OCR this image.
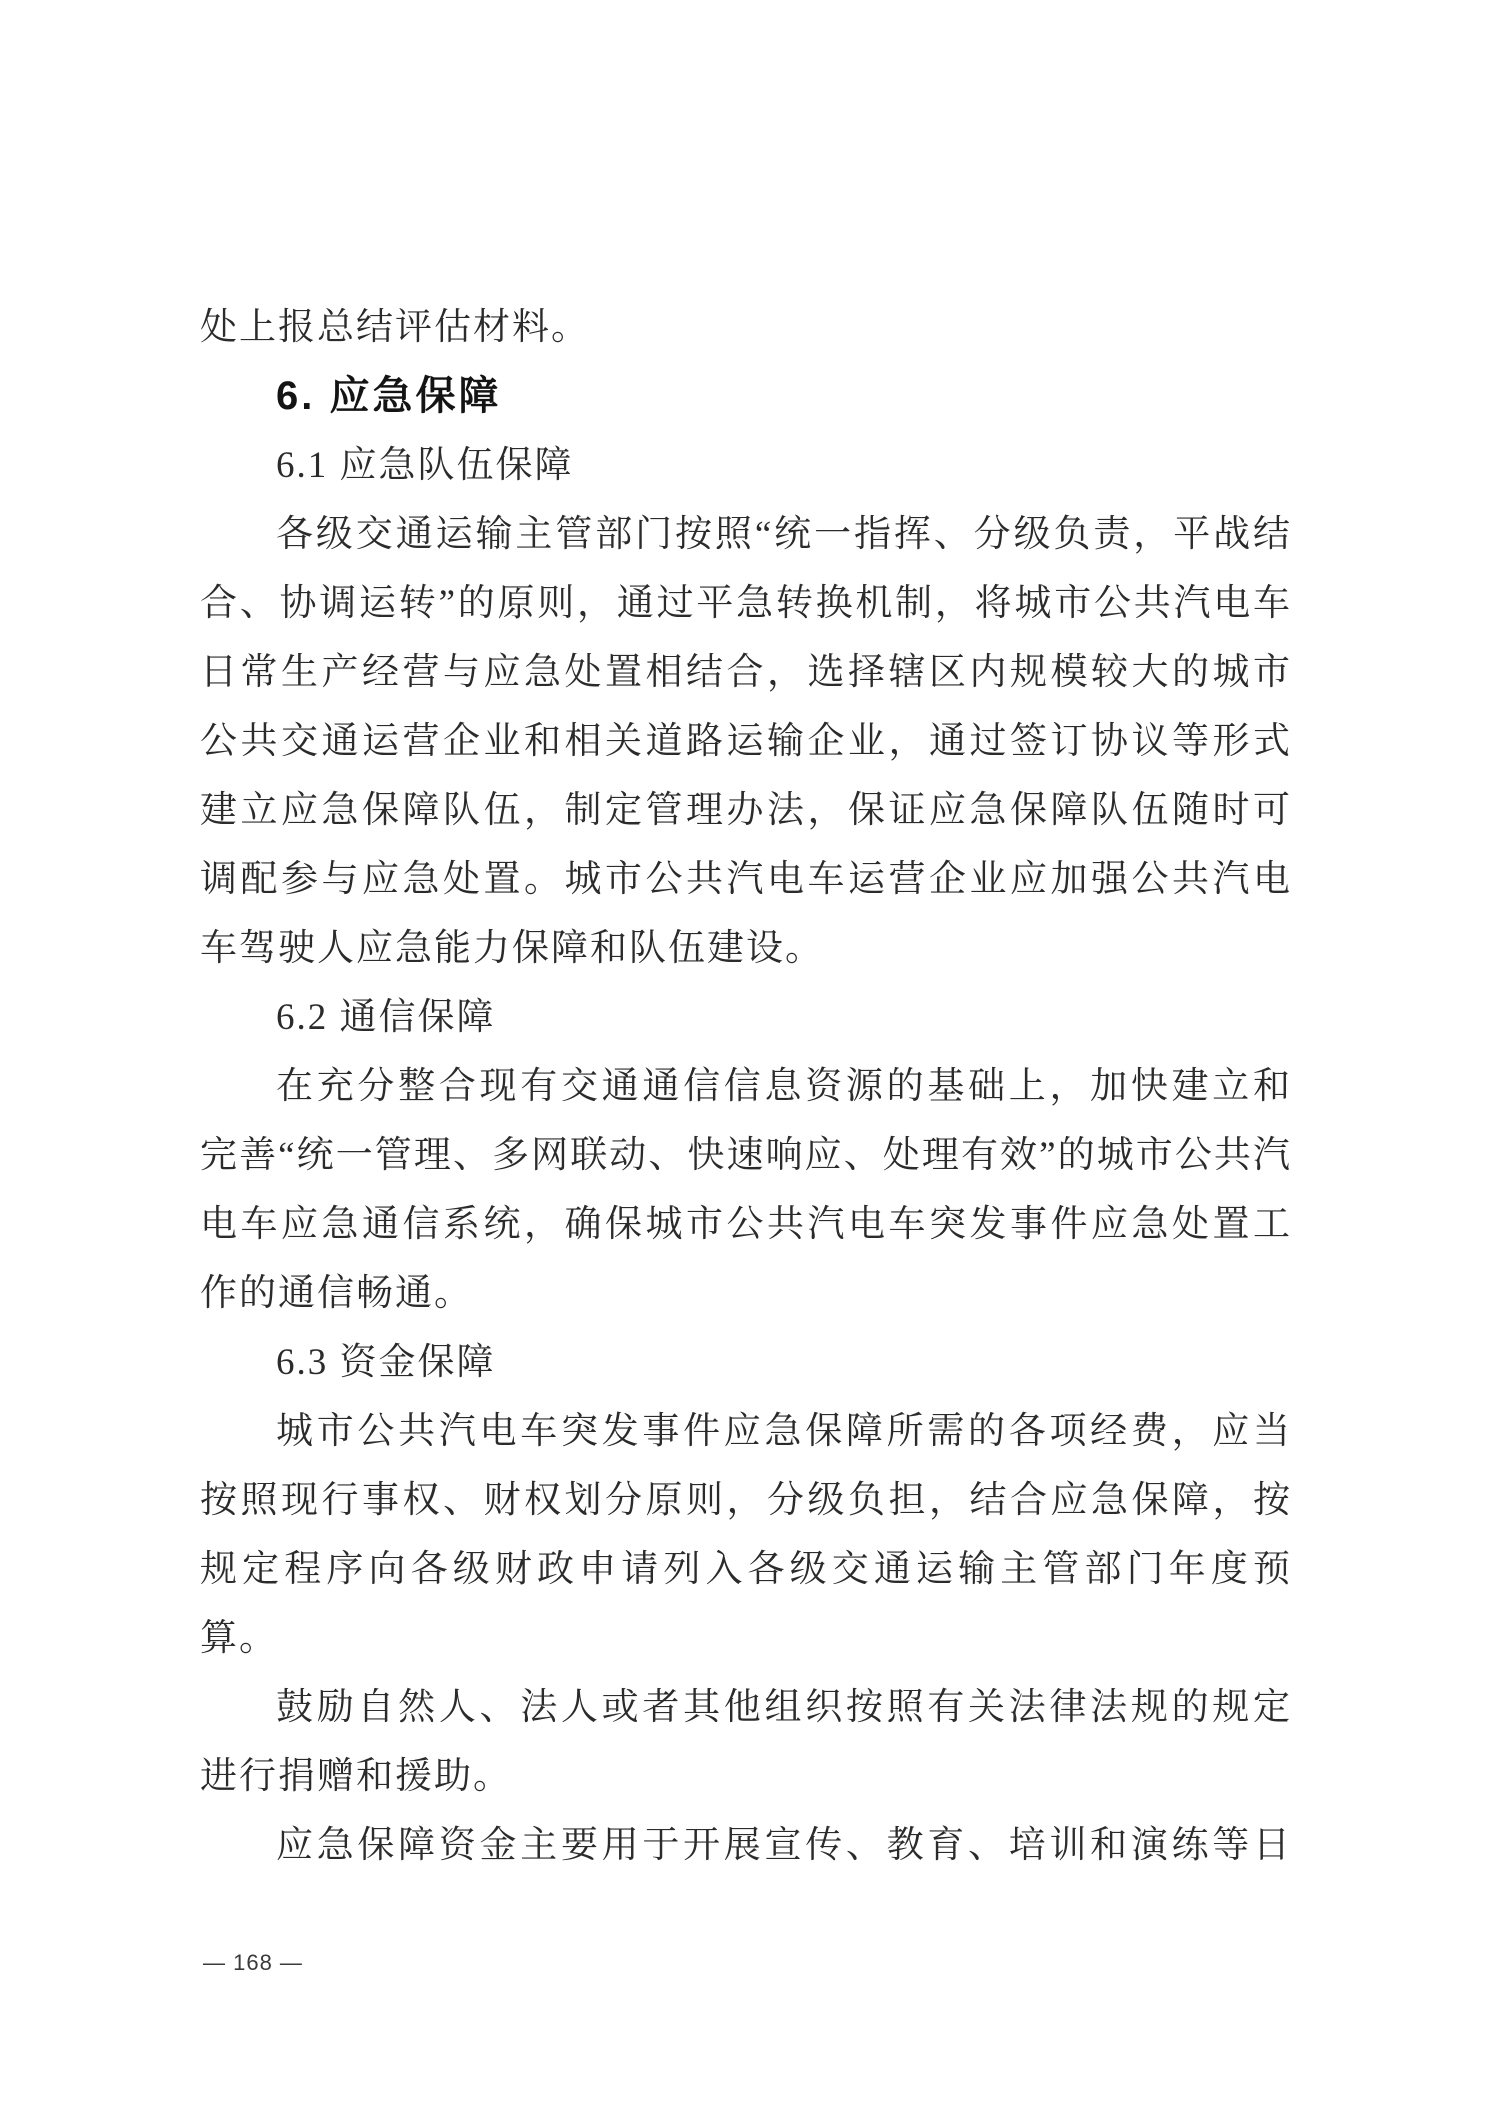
处上报总结评估材料。
6. 应急保障
6.1 应急队伍保障
各级交通运输主管部门按照“统一指挥、分级负责，平战结
合、协调运转”的原则，通过平急转换机制，将城市公共汽电车
日常生产经营与应急处置相结合，选择辖区内规模较大的城市
公共交通运营企业和相关道路运输企业，通过签订协议等形式
建立应急保障队伍，制定管理办法，保证应急保障队伍随时可
调配参与应急处置。城市公共汽电车运营企业应加强公共汽电
车驾驶人应急能力保障和队伍建设。
6.2 通信保障
在充分整合现有交通通信信息资源的基础上，加快建立和
完善“统一管理、多网联动、快速响应、处理有效”的城市公共汽
电车应急通信系统，确保城市公共汽电车突发事件应急处置工
作的通信畅通。
6.3 资金保障
城市公共汽电车突发事件应急保障所需的各项经费，应当
按照现行事权、财权划分原则，分级负担，结合应急保障，按
规定程序向各级财政申请列入各级交通运输主管部门年度预
算。
鼓励自然人、法人或者其他组织按照有关法律法规的规定
进行捐赠和援助。
应急保障资金主要用于开展宣传、教育、培训和演练等日
— 168 —
